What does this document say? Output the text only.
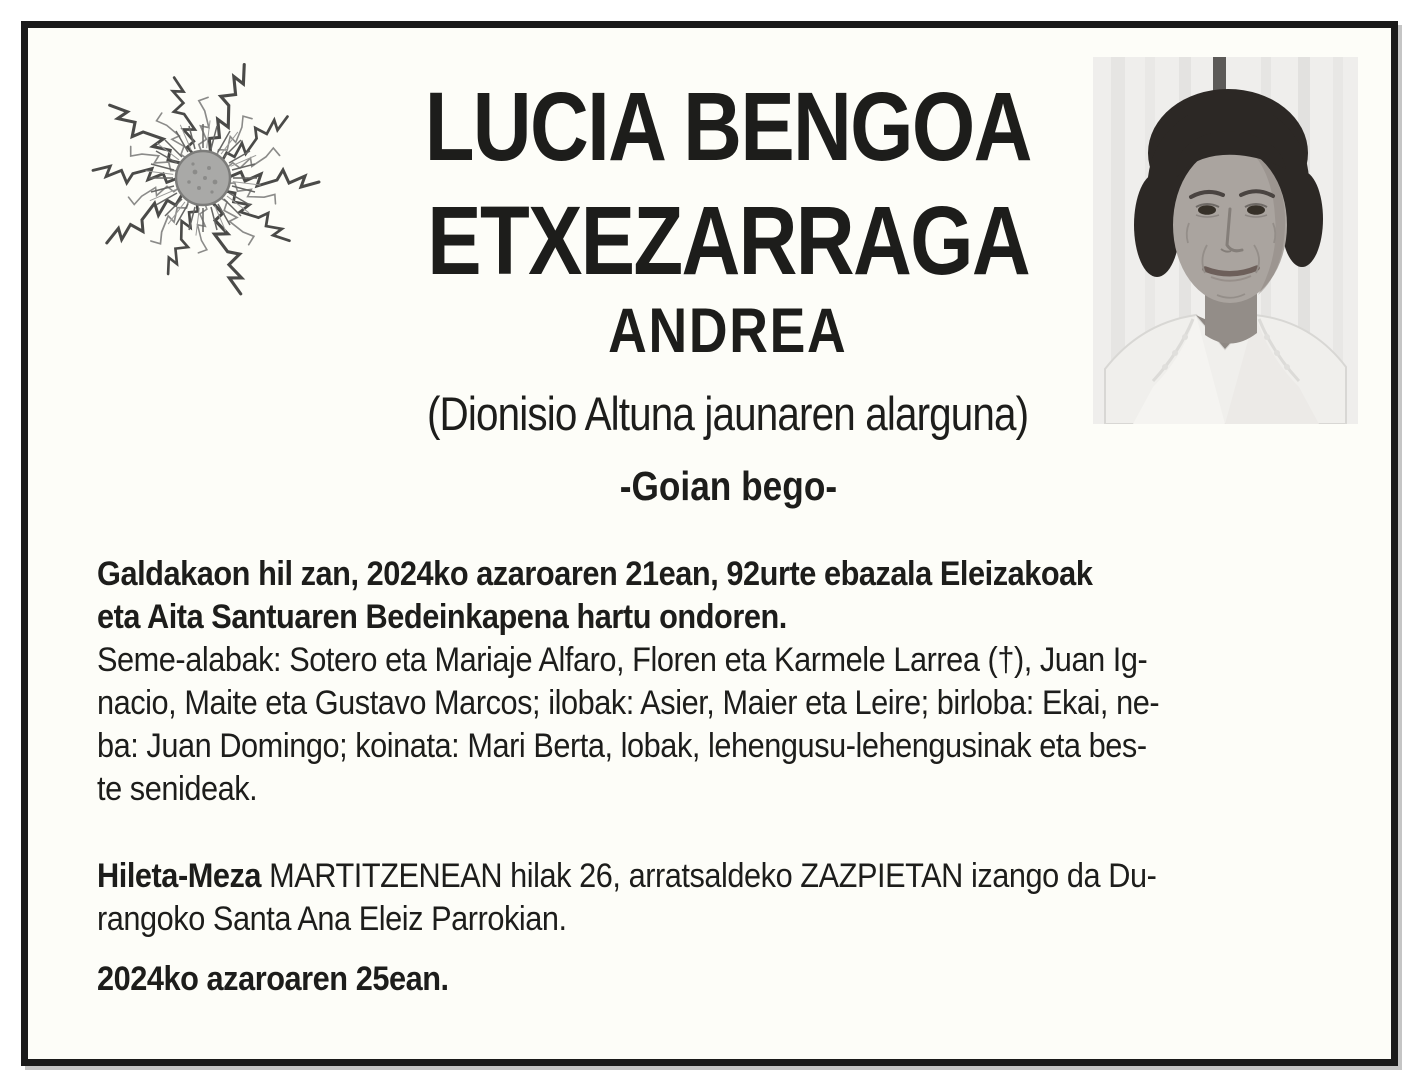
LUCIA BENGOA
ETXEZARRAGA
ANDREA
(Dionisio Altuna jaunaren alarguna)
-Goian bego-
Galdakaon hil zan, 2024ko azaroaren 21ean, 92urte ebazala Eleizakoak
eta Aita Santuaren Bedeinkapena hartu ondoren.
Seme-alabak: Sotero eta Mariaje Alfaro, Floren eta Karmele Larrea (†), Juan Ig-
nacio, Maite eta Gustavo Marcos; ilobak: Asier, Maier eta Leire; birloba: Ekai, ne-
ba: Juan Domingo; koinata: Mari Berta, lobak, lehengusu-lehengusinak eta bes-
te senideak.
Hileta-Meza MARTITZENEAN hilak 26, arratsaldeko ZAZPIETAN izango da Du-
rangoko Santa Ana Eleiz Parrokian.
2024ko azaroaren 25ean.
